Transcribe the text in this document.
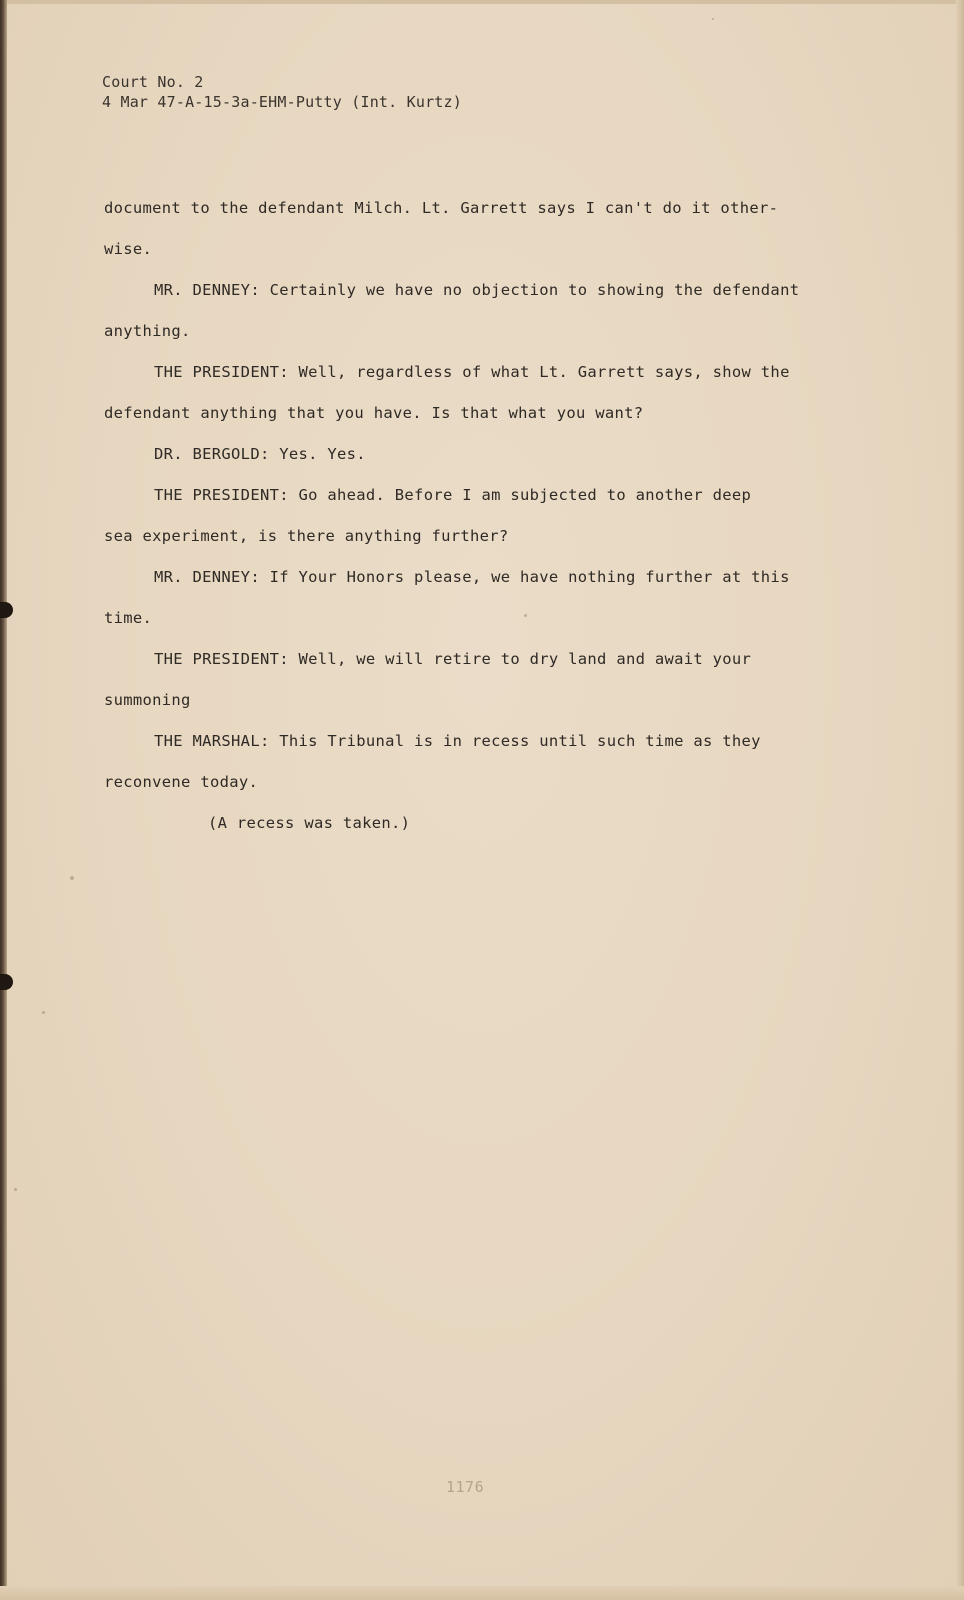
Court No. 2
4 Mar 47-A-15-3a-EHM-Putty (Int. Kurtz)
document to the defendant Milch. Lt. Garrett says I can't do it other-
wise.
MR. DENNEY: Certainly we have no objection to showing the defendant
anything.
THE PRESIDENT: Well, regardless of what Lt. Garrett says, show the
defendant anything that you have. Is that what you want?
DR. BERGOLD: Yes. Yes.
THE PRESIDENT: Go ahead. Before I am subjected to another deep
sea experiment, is there anything further?
MR. DENNEY: If Your Honors please, we have nothing further at this
time.
THE PRESIDENT: Well, we will retire to dry land and await your
summoning
THE MARSHAL: This Tribunal is in recess until such time as they
reconvene today.
(A recess was taken.)
1176
